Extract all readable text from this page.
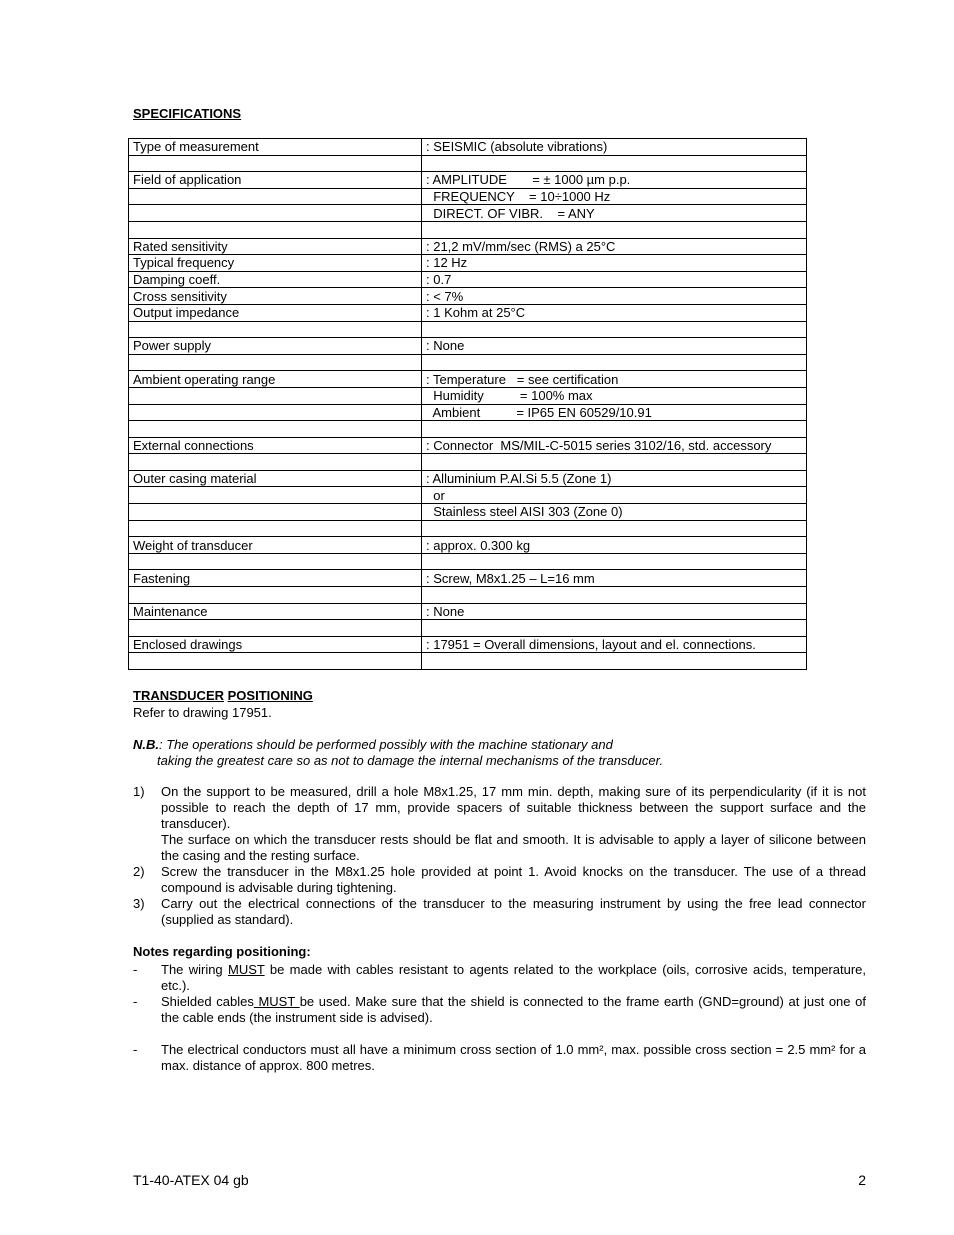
SPECIFICATIONS
Type of measurement	: SEISMIC (absolute vibrations)

Field of application	: AMPLITUDE       = ± 1000 µm p.p.
	FREQUENCY    = 10÷1000 Hz
	DIRECT. OF VIBR.    = ANY

Rated sensitivity	: 21,2 mV/mm/sec (RMS) a 25°C
Typical frequency	: 12 Hz
Damping coeff.	: 0.7
Cross sensitivity	: < 7%
Output impedance	: 1 Kohm at 25°C

Power supply	: None

Ambient operating range	: Temperature   = see certification
	Humidity          = 100% max
	Ambient          = IP65 EN 60529/10.91

External connections	: Connector  MS/MIL-C-5015 series 3102/16, std. accessory

Outer casing material	: Alluminium P.Al.Si 5.5 (Zone 1)
	or
	Stainless steel AISI 303 (Zone 0)

Weight of transducer	: approx. 0.300 kg

Fastening	: Screw, M8x1.25 – L=16 mm

Maintenance	: None

Enclosed drawings	: 17951 = Overall dimensions, layout and el. connections.

TRANSDUCER POSITIONING
Refer to drawing 17951.
N.B.: The operations should be performed possibly with the machine stationary and
taking the greatest care so as not to damage the internal mechanisms of the transducer.
1) On the support to be measured, drill a hole M8x1.25, 17 mm min. depth, making sure of its perpendicularity (if it is not possible to reach the depth of 17 mm, provide spacers of suitable thickness between the support surface and the transducer).
The surface on which the transducer rests should be flat and smooth. It is advisable to apply a layer of silicone between the casing and the resting surface.
2) Screw the transducer in the M8x1.25 hole provided at point 1. Avoid knocks on the transducer. The use of a thread compound is advisable during tightening.
3) Carry out the electrical connections of the transducer to the measuring instrument by using the free lead connector (supplied as standard).
Notes regarding positioning:
- The wiring MUST be made with cables resistant to agents related to the workplace (oils, corrosive acids, temperature, etc.).
- Shielded cables MUST be used. Make sure that the shield is connected to the frame earth (GND=ground) at just one of the cable ends (the instrument side is advised).
- The electrical conductors must all have a minimum cross section of 1.0 mm², max. possible cross section = 2.5 mm² for a max. distance of approx. 800 metres.
T1-40-ATEX 04 gb	2
